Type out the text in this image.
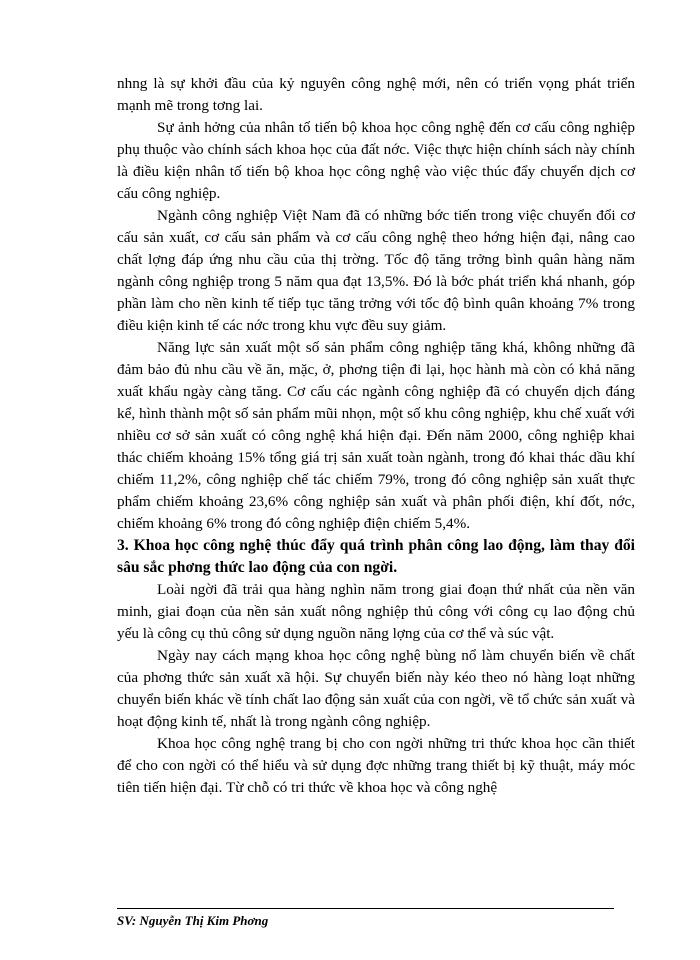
nhng là sự khởi đầu của kỷ nguyên công nghệ mới, nên có triển vọng phát triển mạnh mẽ trong tơng lai.

Sự ảnh hởng của nhân tố tiến bộ khoa học công nghệ đến cơ cấu công nghiệp phụ thuộc vào chính sách khoa học của đất nớc. Việc thực hiện chính sách này chính là điều kiện nhân tố tiến bộ khoa học công nghệ vào việc thúc đẩy chuyển dịch cơ cấu công nghiệp.

Ngành công nghiệp Việt Nam đã có những bớc tiến trong việc chuyển đổi cơ cấu sản xuất, cơ cấu sản phẩm và cơ cấu công nghệ theo hớng hiện đại, nâng cao chất lợng đáp ứng nhu cầu của thị trờng. Tốc độ tăng trởng bình quân hàng năm ngành công nghiệp trong 5 năm qua đạt 13,5%. Đó là bớc phát triển khá nhanh, góp phần làm cho nền kinh tế tiếp tục tăng trởng với tốc độ bình quân khoảng 7% trong điều kiện kinh tế các nớc trong khu vực đều suy giảm.

Năng lực sản xuất một số sản phẩm công nghiệp tăng khá, không những đã đảm bảo đủ nhu cầu về ăn, mặc, ở, phơng tiện đi lại, học hành mà còn có khả năng xuất khẩu ngày càng tăng. Cơ cấu các ngành công nghiệp đã có chuyển dịch đáng kể, hình thành một số sản phẩm mũi nhọn, một số khu công nghiệp, khu chế xuất với nhiều cơ sở sản xuất có công nghệ khá hiện đại. Đến năm 2000, công nghiệp khai thác chiếm khoảng 15% tổng giá trị sản xuất toàn ngành, trong đó khai thác dầu khí chiếm 11,2%, công nghiệp chế tác chiếm 79%, trong đó công nghiệp sản xuất thực phẩm chiếm khoảng 23,6% công nghiệp sản xuất và phân phối điện, khí đốt, nớc, chiếm khoảng 6% trong đó công nghiệp điện chiếm 5,4%.

3. Khoa học công nghệ thúc đẩy quá trình phân công lao động, làm thay đổi sâu sắc phơng thức lao động của con ngời.

Loài ngời đã trải qua hàng nghìn năm trong giai đoạn thứ nhất của nền văn minh, giai đoạn của nền sản xuất nông nghiệp thủ công với công cụ lao động chủ yếu là công cụ thủ công sử dụng nguồn năng lợng của cơ thể và súc vật.

Ngày nay cách mạng khoa học công nghệ bùng nổ làm chuyển biến về chất của phơng thức sản xuất xã hội. Sự chuyển biến này kéo theo nó hàng loạt những chuyển biến khác về tính chất lao động sản xuất của con ngời, về tổ chức sản xuất và hoạt động kinh tế, nhất là trong ngành công nghiệp.

Khoa học công nghệ trang bị cho con ngời những tri thức khoa học cần thiết để cho con ngời có thể hiểu và sử dụng đợc những trang thiết bị kỹ thuật, máy móc tiên tiến hiện đại. Từ chỗ có tri thức về khoa học và công nghệ

SV: Nguyễn Thị Kim Phơng
